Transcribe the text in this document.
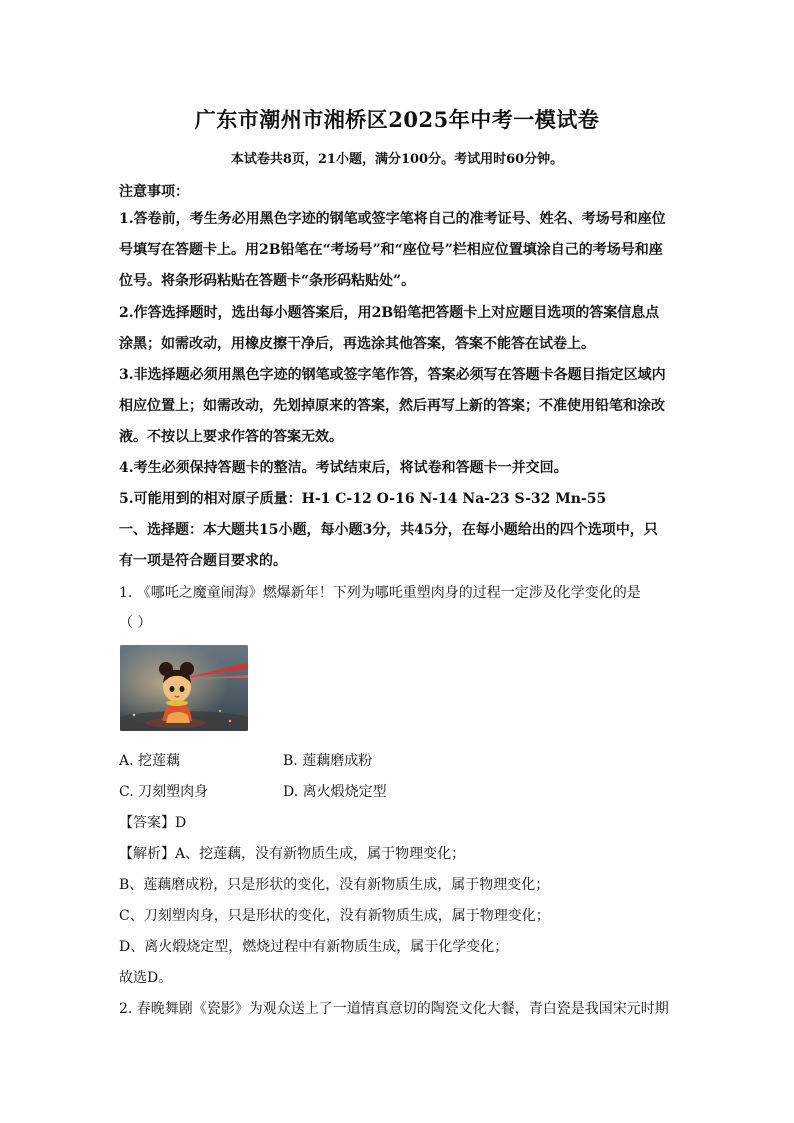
广东市潮州市湘桥区2025年中考一模试卷
本试卷共8页，21小题，满分100分。考试用时60分钟。
注意事项：
1.答卷前，考生务必用黑色字迹的钢笔或签字笔将自己的准考证号、姓名、考场号和座位
号填写在答题卡上。用2B铅笔在“考场号”和“座位号”栏相应位置填涂自己的考场号和座
位号。将条形码粘贴在答题卡“条形码粘贴处”。
2.作答选择题时，选出每小题答案后，用2B铅笔把答题卡上对应题目选项的答案信息点
涂黑；如需改动，用橡皮擦干净后，再选涂其他答案，答案不能答在试卷上。
3.非选择题必须用黑色字迹的钢笔或签字笔作答，答案必须写在答题卡各题目指定区域内
相应位置上；如需改动，先划掉原来的答案，然后再写上新的答案；不准使用铅笔和涂改
液。不按以上要求作答的答案无效。
4.考生必须保持答题卡的整洁。考试结束后，将试卷和答题卡一并交回。
5.可能用到的相对原子质量：H-1 C-12 O-16 N-14 Na-23 S-32 Mn-55
一、选择题：本大题共15小题，每小题3分，共45分，在每小题给出的四个选项中，只
有一项是符合题目要求的。
1. 《哪吒之魔童闹海》燃爆新年！下列为哪吒重塑肉身的过程一定涉及化学变化的是
（ ）
A. 挖莲藕	B. 莲藕磨成粉
C. 刀刻塑肉身	D. 离火煅烧定型
【答案】D
【解析】A、挖莲藕，没有新物质生成，属于物理变化；
B、莲藕磨成粉，只是形状的变化，没有新物质生成，属于物理变化；
C、刀刻塑肉身，只是形状的变化，没有新物质生成，属于物理变化；
D、离火煅烧定型，燃烧过程中有新物质生成，属于化学变化；
故选D。
2. 春晚舞剧《瓷影》为观众送上了一道情真意切的陶瓷文化大餐，青白瓷是我国宋元时期
